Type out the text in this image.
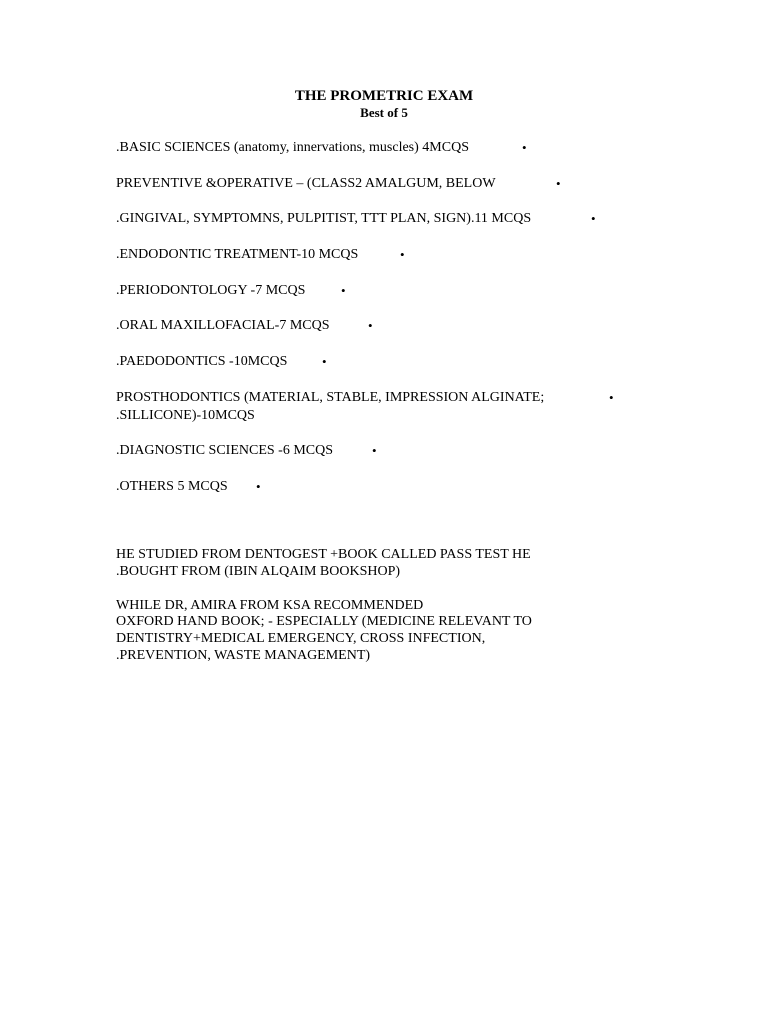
THE PROMETRIC EXAM
Best of 5
.BASIC SCIENCES (anatomy, innervations, muscles) 4MCQS	•
PREVENTIVE &OPERATIVE – (CLASS2 AMALGUM, BELOW	•
.GINGIVAL, SYMPTOMNS, PULPITIST, TTT PLAN, SIGN).11 MCQS	•
.ENDODONTIC TREATMENT-10 MCQS	•
.PERIODONTOLOGY -7 MCQS	•
.ORAL MAXILLOFACIAL-7 MCQS	•
.PAEDODONTICS -10MCQS	•
PROSTHODONTICS (MATERIAL, STABLE, IMPRESSION ALGINATE;	•
.SILLICONE)-10MCQS
.DIAGNOSTIC SCIENCES -6 MCQS	•
.OTHERS 5 MCQS •
HE STUDIED FROM DENTOGEST +BOOK CALLED PASS TEST HE
.BOUGHT FROM (IBIN ALQAIM BOOKSHOP)
WHILE DR, AMIRA FROM KSA RECOMMENDED
OXFORD HAND BOOK; - ESPECIALLY (MEDICINE RELEVANT TO
DENTISTRY+MEDICAL EMERGENCY, CROSS INFECTION,
.PREVENTION, WASTE MANAGEMENT)
